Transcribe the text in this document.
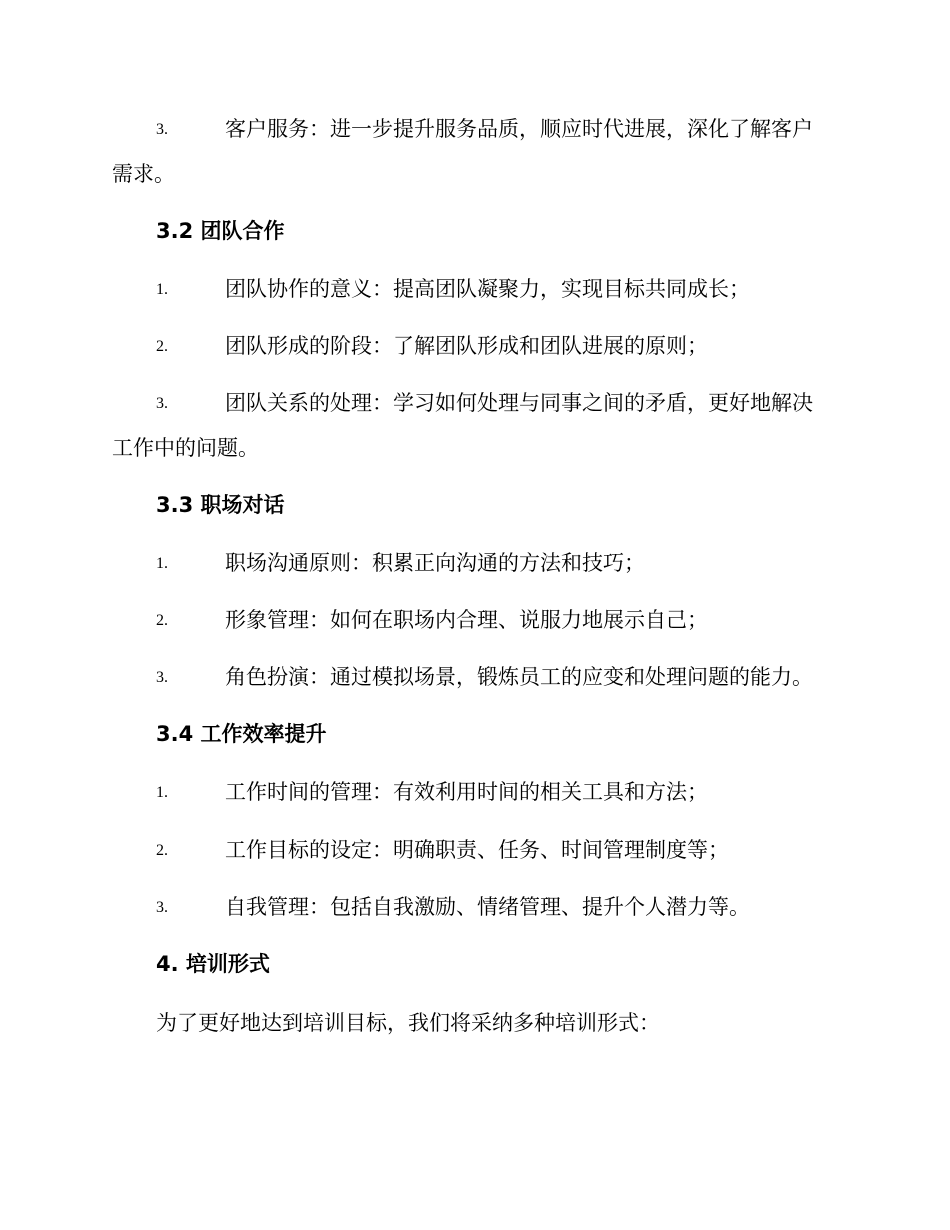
3.	客户服务：进一步提升服务品质，顺应时代进展，深化了解客户
需求。
3.2 团队合作
1.	团队协作的意义：提高团队凝聚力，实现目标共同成长；
2.	团队形成的阶段：了解团队形成和团队进展的原则；
3.	团队关系的处理：学习如何处理与同事之间的矛盾，更好地解决
工作中的问题。
3.3 职场对话
1.	职场沟通原则：积累正向沟通的方法和技巧；
2.	形象管理：如何在职场内合理、说服力地展示自己；
3.	角色扮演：通过模拟场景，锻炼员工的应变和处理问题的能力。
3.4 工作效率提升
1.	工作时间的管理：有效利用时间的相关工具和方法；
2.	工作目标的设定：明确职责、任务、时间管理制度等；
3.	自我管理：包括自我激励、情绪管理、提升个人潜力等。
4. 培训形式
为了更好地达到培训目标，我们将采纳多种培训形式：
